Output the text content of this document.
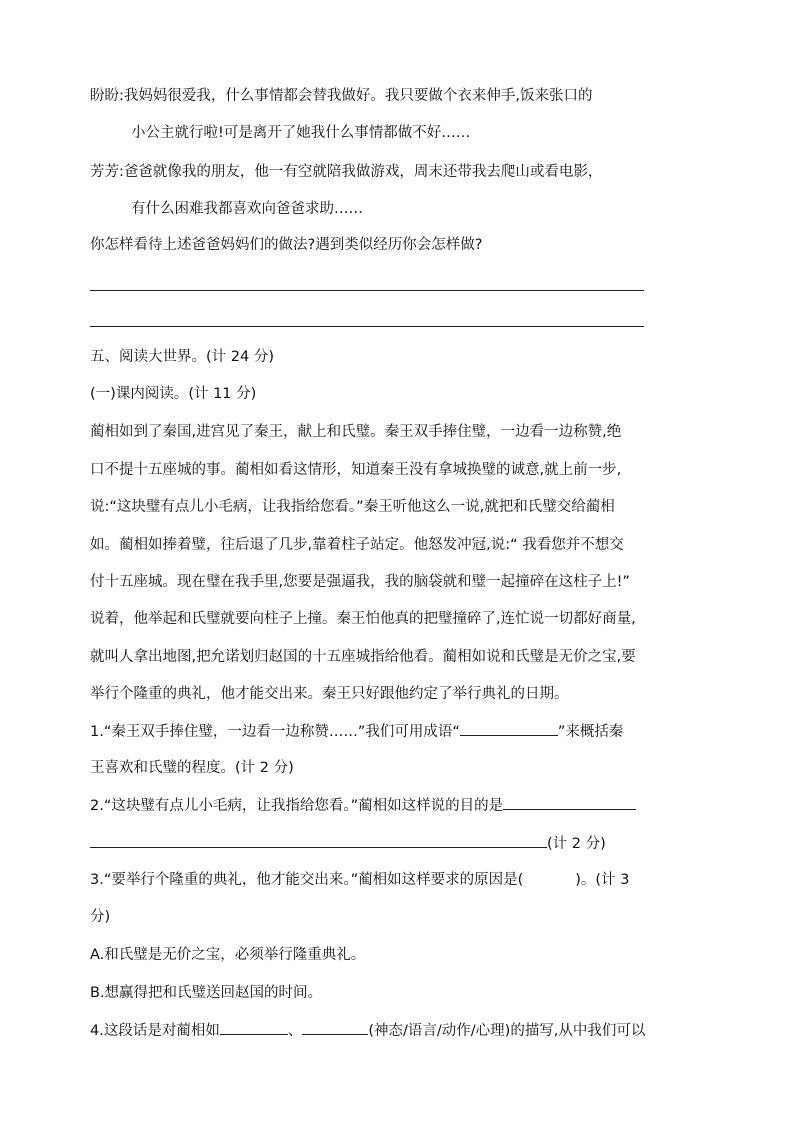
盼盼:我妈妈很爱我，什么事情都会替我做好。我只要做个衣来伸手,饭来张口的
小公主就行啦!可是离开了她我什么事情都做不好……
芳芳:爸爸就像我的朋友，他一有空就陪我做游戏，周末还带我去爬山或看电影，
有什么困难我都喜欢向爸爸求助……
你怎样看待上述爸爸妈妈们的做法?遇到类似经历你会怎样做?
五、阅读大世界。(计 24 分)
(一)课内阅读。(计 11 分)
蔺相如到了秦国,进宫见了秦王，献上和氏璧。秦王双手捧住璧，一边看一边称赞,绝
口不提十五座城的事。蔺相如看这情形，知道秦王没有拿城换璧的诚意,就上前一步,
说:“这块璧有点儿小毛病，让我指给您看。”秦王听他这么一说,就把和氏璧交给蔺相
如。蔺相如捧着璧，往后退了几步,靠着柱子站定。他怒发冲冠,说:“ 我看您并不想交
付十五座城。现在璧在我手里,您要是强逼我，我的脑袋就和璧一起撞碎在这柱子上!”
说着，他举起和氏璧就要向柱子上撞。秦王怕他真的把璧撞碎了,连忙说一切都好商量,
就叫人拿出地图,把允诺划归赵国的十五座城指给他看。蔺相如说和氏璧是无价之宝,要
举行个隆重的典礼，他才能交出来。秦王只好跟他约定了举行典礼的日期。
1.“秦王双手捧住璧，一边看一边称赞……”我们可用成语“	”来概括秦
王喜欢和氏璧的程度。(计 2 分)
2.“这块璧有点儿小毛病，让我指给您看。”蔺相如这样说的目的是
(计 2 分)
3.“要举行个隆重的典礼，他才能交出来。”蔺相如这样要求的原因是(	)。(计 3
分)
A.和氏璧是无价之宝，必须举行隆重典礼。
B.想赢得把和氏璧送回赵国的时间。
4.这段话是对蔺相如	、	(神态/语言/动作/心理)的描写,从中我们可以
